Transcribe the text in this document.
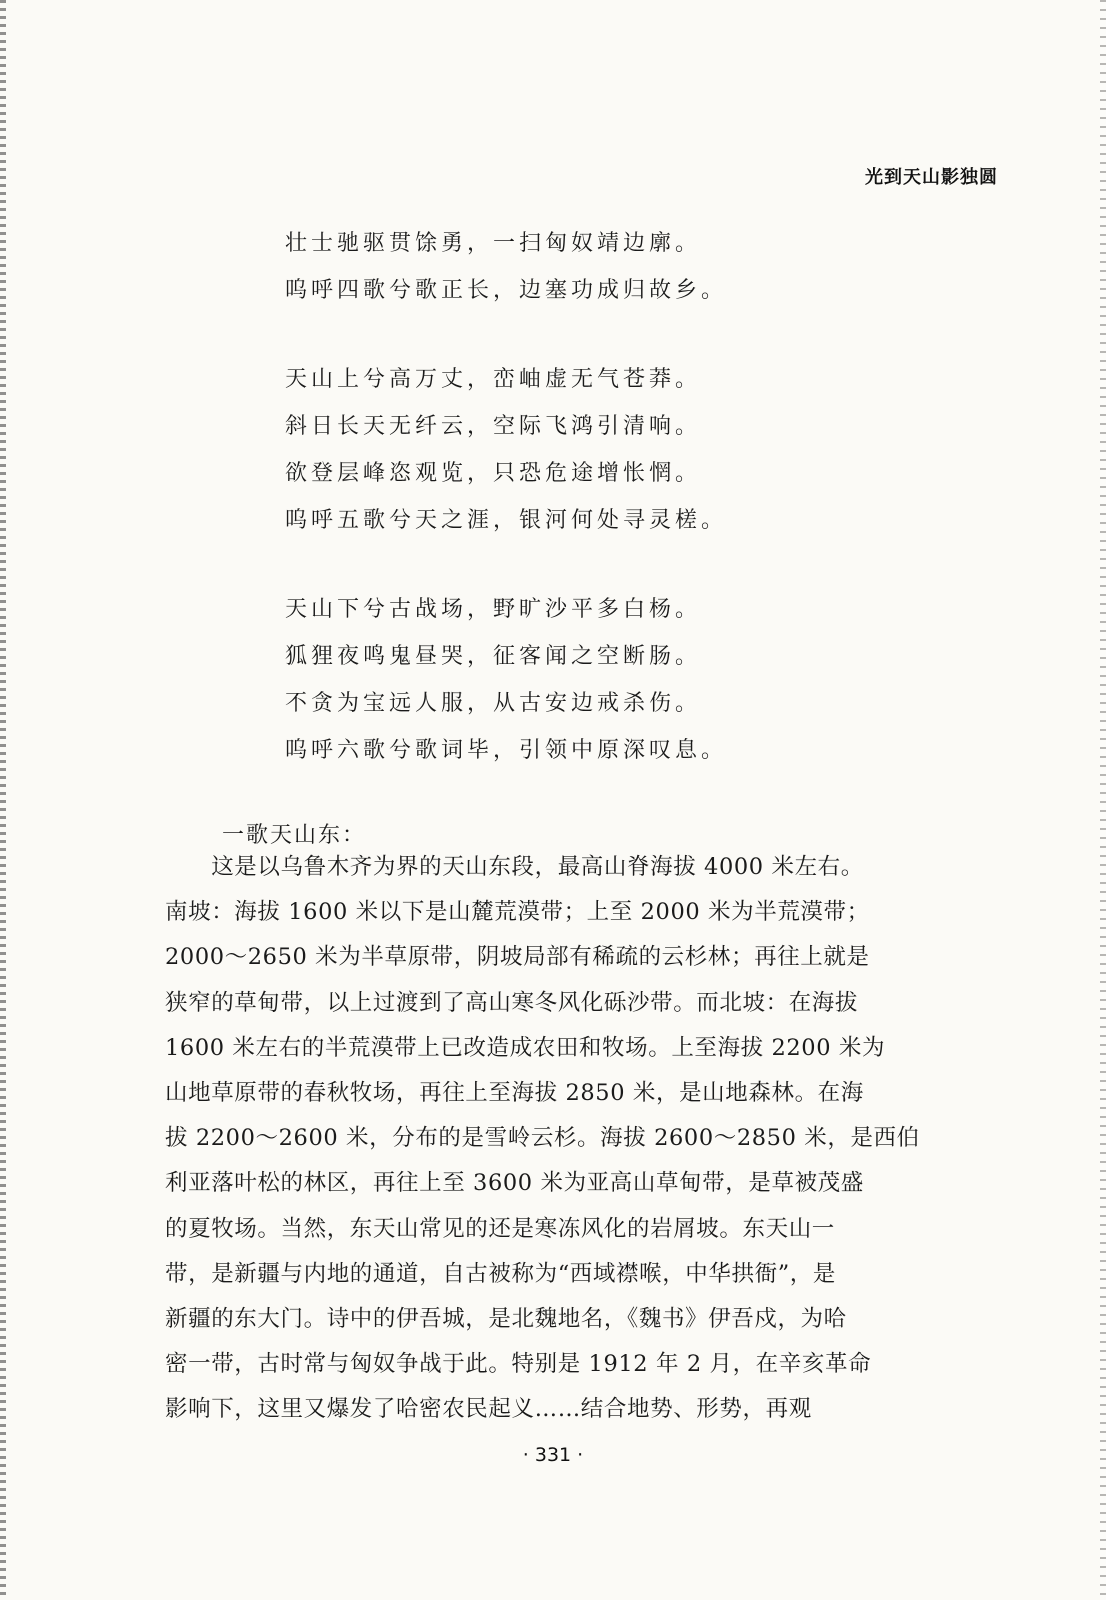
光到天山影独圆
壮士驰驱贯馀勇，一扫匈奴靖边廓。
呜呼四歌兮歌正长，边塞功成归故乡。
天山上兮高万丈，峦岫虚无气苍莽。
斜日长天无纤云，空际飞鸿引清响。
欲登层峰恣观览，只恐危途增怅惘。
呜呼五歌兮天之涯，银河何处寻灵槎。
天山下兮古战场，野旷沙平多白杨。
狐狸夜鸣鬼昼哭，征客闻之空断肠。
不贪为宝远人服，从古安边戒杀伤。
呜呼六歌兮歌词毕，引领中原深叹息。
一歌天山东：
　　这是以乌鲁木齐为界的天山东段，最高山脊海拔 4000 米左右。
南坡：海拔 1600 米以下是山麓荒漠带；上至 2000 米为半荒漠带；
2000～2650 米为半草原带，阴坡局部有稀疏的云杉林；再往上就是
狭窄的草甸带，以上过渡到了高山寒冬风化砾沙带。而北坡：在海拔
1600 米左右的半荒漠带上已改造成农田和牧场。上至海拔 2200 米为
山地草原带的春秋牧场，再往上至海拔 2850 米，是山地森林。在海
拔 2200～2600 米，分布的是雪岭云杉。海拔 2600～2850 米，是西伯
利亚落叶松的林区，再往上至 3600 米为亚高山草甸带，是草被茂盛
的夏牧场。当然，东天山常见的还是寒冻风化的岩屑坡。东天山一
带，是新疆与内地的通道，自古被称为“西域襟喉，中华拱衙”，是
新疆的东大门。诗中的伊吾城，是北魏地名，《魏书》伊吾戍，为哈
密一带，古时常与匈奴争战于此。特别是 1912 年 2 月，在辛亥革命
影响下，这里又爆发了哈密农民起义……结合地势、形势，再观
· 331 ·
